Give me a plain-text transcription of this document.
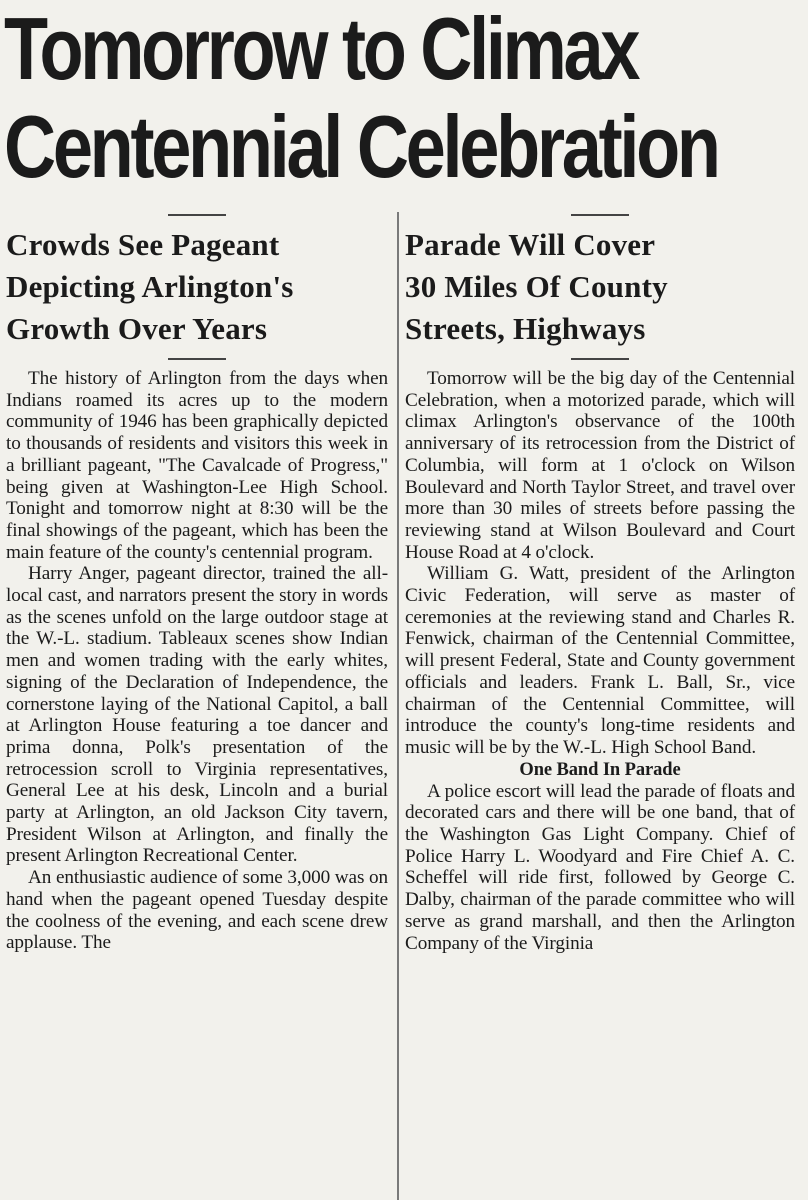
Tomorrow to Climax
Centennial Celebration
Crowds See Pageant
Depicting Arlington's
Growth Over Years

The history of Arlington from the days when Indians roamed its acres up to the modern community of 1946 has been graphically depicted to thousands of residents and visitors this week in a brilliant pageant, "The Cavalcade of Progress," being given at Washington-Lee High School. Tonight and tomorrow night at 8:30 will be the final showings of the pageant, which has been the main feature of the county's centennial program.

Harry Anger, pageant director, trained the all-local cast, and narrators present the story in words as the scenes unfold on the large outdoor stage at the W.-L. stadium. Tableaux scenes show Indian men and women trading with the early whites, signing of the Declaration of Independence, the cornerstone laying of the National Capitol, a ball at Arlington House featuring a toe dancer and prima donna, Polk's presentation of the retrocession scroll to Virginia representatives, General Lee at his desk, Lincoln and a burial party at Arlington, an old Jackson City tavern, President Wilson at Arlington, and finally the present Arlington Recreational Center.

An enthusiastic audience of some 3,000 was on hand when the pageant opened Tuesday despite the coolness of the evening, and each scene drew applause. The

Parade Will Cover
30 Miles Of County
Streets, Highways

Tomorrow will be the big day of the Centennial Celebration, when a motorized parade, which will climax Arlington's observance of the 100th anniversary of its retrocession from the District of Columbia, will form at 1 o'clock on Wilson Boulevard and North Taylor Street, and travel over more than 30 miles of streets before passing the reviewing stand at Wilson Boulevard and Court House Road at 4 o'clock.

William G. Watt, president of the Arlington Civic Federation, will serve as master of ceremonies at the reviewing stand and Charles R. Fenwick, chairman of the Centennial Committee, will present Federal, State and County government officials and leaders. Frank L. Ball, Sr., vice chairman of the Centennial Committee, will introduce the county's long-time residents and music will be by the W.-L. High School Band.

One Band In Parade

A police escort will lead the parade of floats and decorated cars and there will be one band, that of the Washington Gas Light Company. Chief of Police Harry L. Woodyard and Fire Chief A. C. Scheffel will ride first, followed by George C. Dalby, chairman of the parade committee who will serve as grand marshall, and then the Arlington Company of the Virginia
